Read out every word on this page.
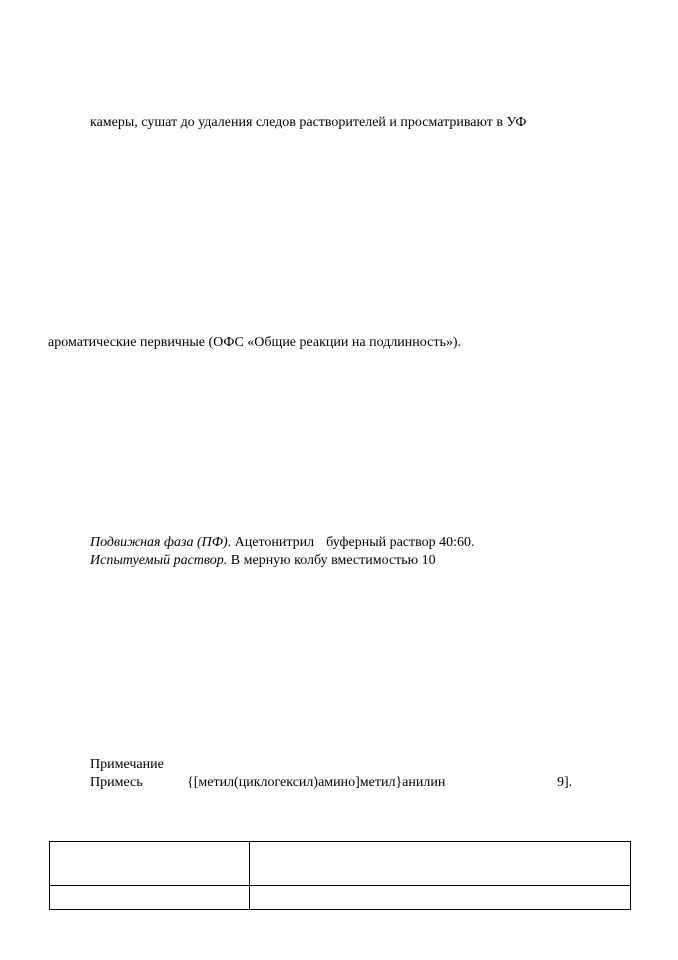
камеры, сушат до удаления следов растворителей и просматривают в УФ

ароматические первичные (ОФС «Общие реакции на подлинность»).

Подвижная фаза (ПФ). Ацетонитрил буферный раствор 40:60.

Испытуемый раствор. В мерную колбу вместимостью 10

Примечание

Примесь	{[метил(циклогексил)амино]метил}анилин	9].
